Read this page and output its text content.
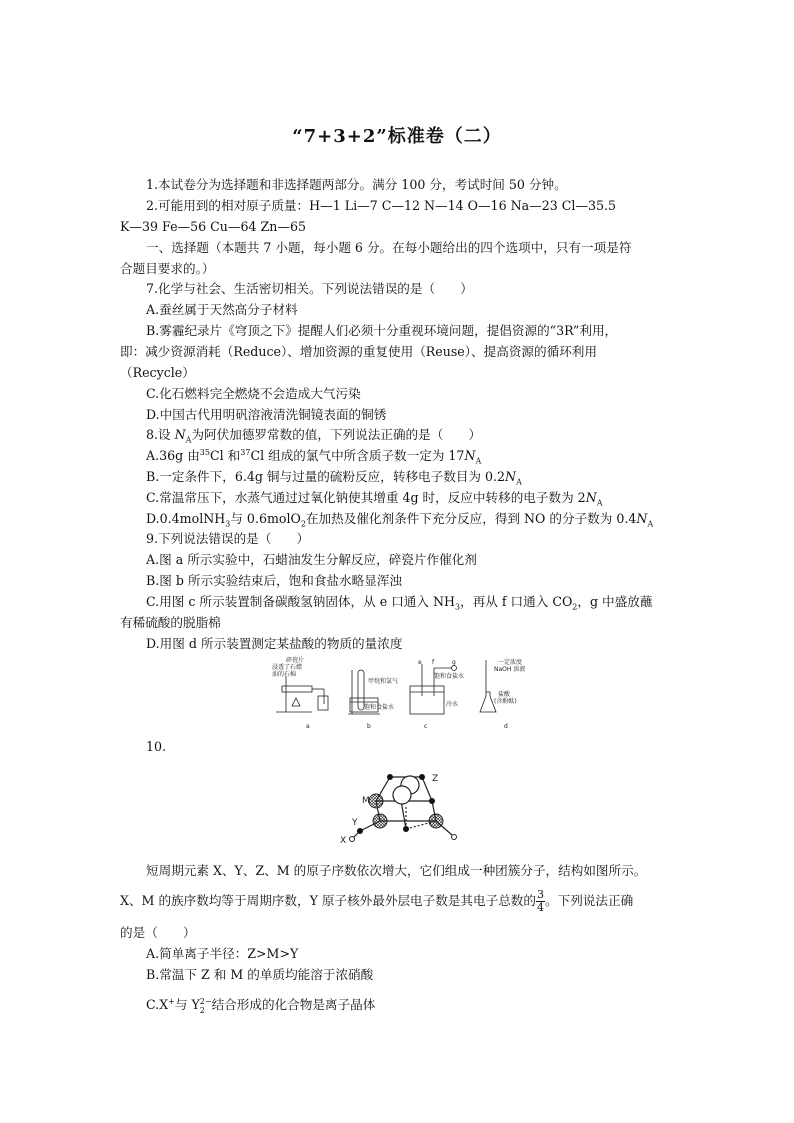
“7+3+2”标准卷（二）
1.本试卷分为选择题和非选择题两部分。满分 100 分，考试时间 50 分钟。
2.可能用到的相对原子质量：H—1 Li—7 C—12 N—14 O—16 Na—23 Cl—35.5
K—39 Fe—56 Cu—64 Zn—65
一、选择题（本题共 7 小题，每小题 6 分。在每小题给出的四个选项中，只有一项是符
合题目要求的。）
7.化学与社会、生活密切相关。下列说法错误的是（　　）
A.蚕丝属于天然高分子材料
B.雾霾纪录片《穹顶之下》提醒人们必须十分重视环境问题，提倡资源的“3R”利用，
即：减少资源消耗（Reduce）、增加资源的重复使用（Reuse）、提高资源的循环利用
（Recycle）
C.化石燃料完全燃烧不会造成大气污染
D.中国古代用明矾溶液清洗铜镜表面的铜锈
8.设 $N_A$为阿伏加德罗常数的值，下列说法正确的是（　　）
A.36g 由$^{35}$Cl 和$^{37}$Cl 组成的氯气中所含质子数一定为 $17N_A$
B.一定条件下，6.4g 铜与过量的硫粉反应，转移电子数目为 $0.2N_A$
C.常温常压下，水蒸气通过过氧化钠使其增重 4g 时，反应中转移的电子数为 $2N_A$
D.0.4molNH$_3$与 0.6molO$_2$在加热及催化剂条件下充分反应，得到 NO 的分子数为 $0.4N_A$
9.下列说法错误的是（　　）
A.图 a 所示实验中，石蜡油发生分解反应，碎瓷片作催化剂
B.图 b 所示实验结束后，饱和食盐水略显浑浊
C.用图 c 所示装置制备碳酸氢钠固体，从 e 口通入 $NH_3$，再从 f 口通入 $CO_2$，g 中盛放蘸
有稀硫酸的脱脂棉
D.用图 d 所示装置测定某盐酸的物质的量浓度
碎瓷片
浸透了石蜡
油的石棉
a
甲烷和氯气
饱和食盐水
b
e f	g
饱和食盐水
冷水
c
一定浓度
NaOH 溶液
盐酸
(含酚酞)
d
10.
Z
M
Y
X
短周期元素 X、Y、Z、M 的原子序数依次增大，它们组成一种团簇分子，结构如图所示。
X、M 的族序数均等于周期序数，Y 原子核外最外层电子数是其电子总数的 $\frac{3}{4}$ 。下列说法正确
的是（　　）
A.简单离子半径：Z>M>Y
B.常温下 Z 和 M 的单质均能溶于浓硝酸
C.X+与 Y 2−
2 结合形成的化合物是离子晶体
